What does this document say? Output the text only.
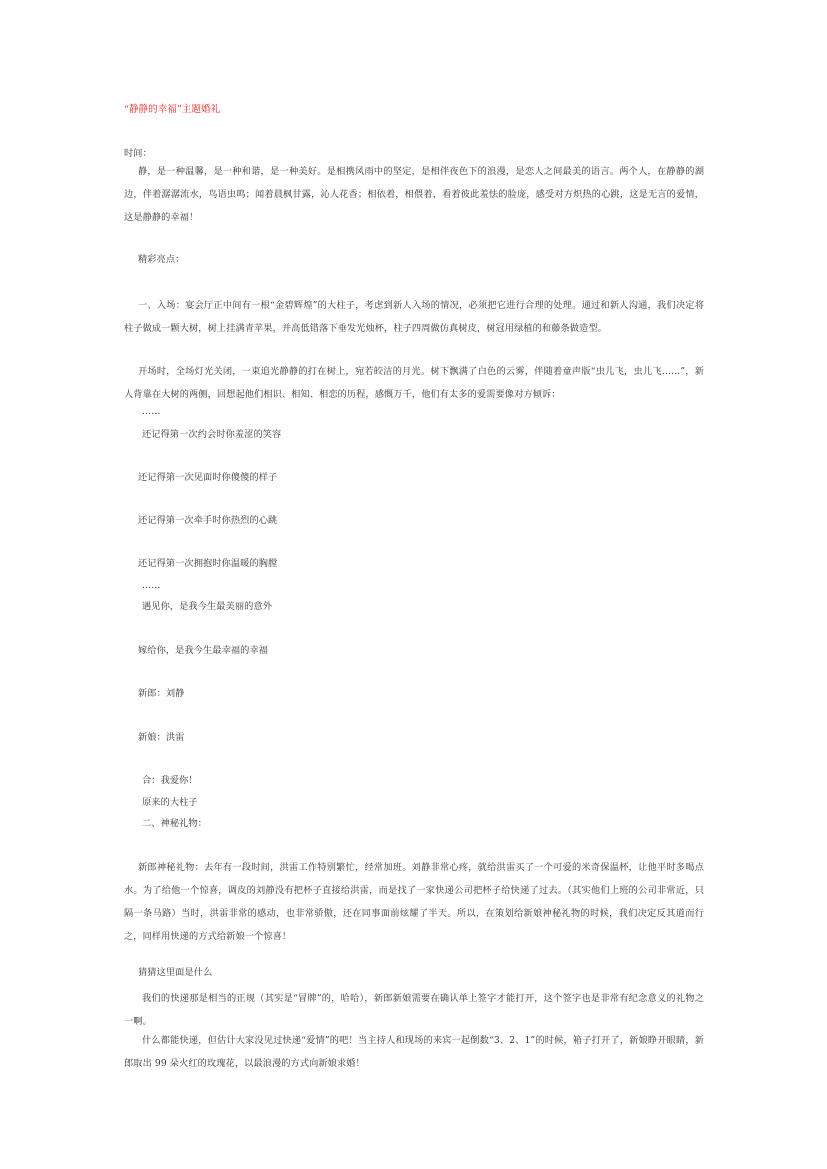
“静静的幸福”主题婚礼
时间：
静，是一种温馨，是一种和谐，是一种美好。是相携风雨中的坚定，是相伴夜色下的浪漫，是恋人之间最美的语言。两个人，在静静的湖边，伴着潺潺流水，鸟语虫鸣；闻着晨枫甘露，沁人花香；相依着，相偎着，看着彼此羞怯的脸庞，感受对方炽热的心跳，这是无言的爱情，这是静静的幸福！
精彩亮点：
一、入场：宴会厅正中间有一根“金碧辉煌”的大柱子，考虑到新人入场的情况，必须把它进行合理的处理。通过和新人沟通，我们决定将柱子做成一颗大树，树上挂满青苹果，并高低错落下垂发光烛杯，柱子四周做仿真树皮，树冠用绿植的和藤条做造型。
开场时，全场灯光关闭，一束追光静静的打在树上，宛若皎洁的月光。树下飘满了白色的云雾，伴随着童声版“虫儿飞，虫儿飞……”，新人背靠在大树的两侧，回想起他们相识、相知、相恋的历程，感慨万千，他们有太多的爱需要像对方倾诉：
……
还记得第一次约会时你羞涩的笑容
还记得第一次见面时你傻傻的样子
还记得第一次牵手时你热烈的心跳
还记得第一次拥抱时你温暖的胸膛
……
遇见你，是我今生最美丽的意外
嫁给你，是我今生最幸福的幸福
新郎：刘静
新娘：洪雷
合：我爱你！
原来的大柱子
二、神秘礼物：
新郎神秘礼物：去年有一段时间，洪雷工作特别繁忙，经常加班。刘静非常心疼，就给洪雷买了一个可爱的米奇保温杯，让他平时多喝点水。为了给他一个惊喜，调皮的刘静没有把杯子直接给洪雷，而是找了一家快递公司把杯子给快递了过去。（其实他们上班的公司非常近，只隔一条马路）当时，洪雷非常的感动，也非常骄傲，还在同事面前炫耀了半天。所以，在策划给新娘神秘礼物的时候，我们决定反其道而行之，同样用快递的方式给新娘一个惊喜！
猜猜这里面是什么
我们的快递那是相当的正规（其实是“冒牌”的，哈哈），新郎新娘需要在确认单上签字才能打开，这个签字也是非常有纪念意义的礼物之一啊。
什么都能快递，但估计大家没见过快递“爱情”的吧！当主持人和现场的来宾一起倒数“3、2、1”的时候，箱子打开了，新娘睁开眼睛，新郎取出 99 朵火红的玫瑰花，以最浪漫的方式向新娘求婚！
